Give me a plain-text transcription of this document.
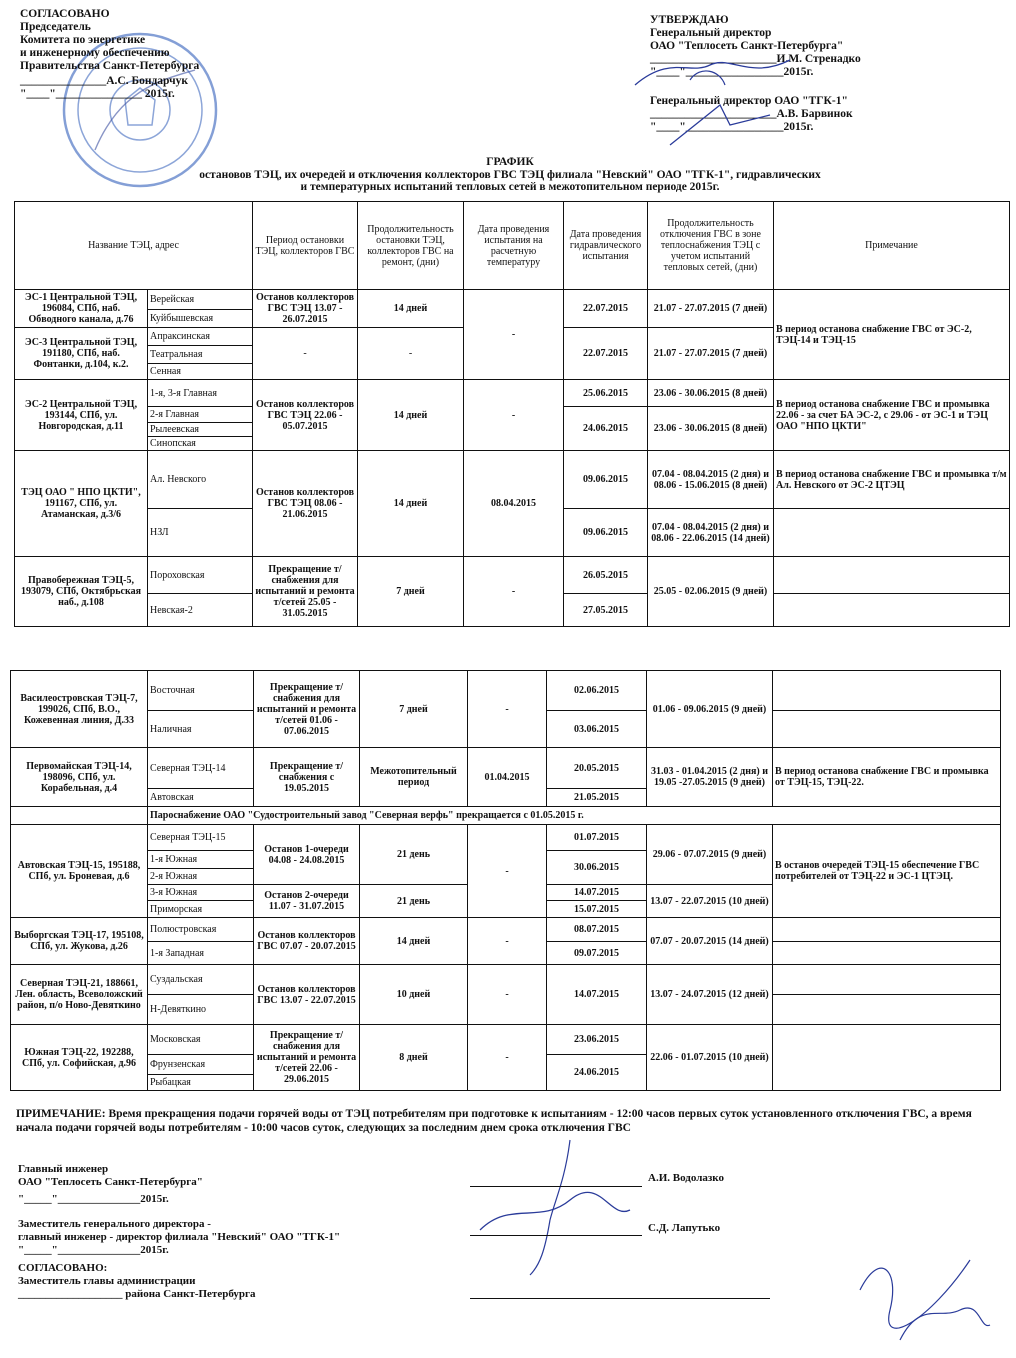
СОГЛАСОВАНО
Председатель
Комитета по энергетике
и инженерному обеспечению
Правительства Санкт-Петербурга
_______________А.С. Бондарчук
"____"_______________ 2015г.
УТВЕРЖДАЮ
Генеральный директор
ОАО "Теплосеть Санкт-Петербурга"
______________________И.М. Стренадко
"____"_________________2015г.
Генеральный директор ОАО "ТГК-1"
______________________А.В. Барвинок
"____"_________________2015г.
ГРАФИК
остановов ТЭЦ, их очередей и отключения коллекторов ГВС ТЭЦ филиала "Невский" ОАО "ТГК-1", гидравлических
и температурных испытаний тепловых сетей в межотопительном периоде 2015г.
Название ТЭЦ, адрес		Период остановки ТЭЦ, коллекторов ГВС	Продолжительность остановки ТЭЦ, коллекторов ГВС на ремонт, (дни)	Дата проведения испытания на расчетную температуру	Дата проведения гидравлического испытания	Продолжительность отключения ГВС в зоне теплоснабжения ТЭЦ с учетом испытаний тепловых сетей, (дни)	Примечание
ЭС-1 Центральной ТЭЦ, 196084, СПб, наб. Обводного канала, д.76	Верейская	Останов коллекторов ГВС ТЭЦ 13.07 - 26.07.2015	14 дней	-	22.07.2015	21.07 - 27.07.2015 (7 дней)	В период останова снабжение ГВС от ЭС-2, ТЭЦ-14 и ТЭЦ-15
	Куйбышевская						
ЭС-3 Центральной ТЭЦ, 191180, СПб, наб. Фонтанки, д.104, к.2.	Апраксинская	-	-		22.07.2015	21.07 - 27.07.2015 (7 дней)	
	Театральная						
	Сенная						
ЭС-2 Центральной ТЭЦ, 193144, СПб, ул. Новгородская, д.11	1-я, 3-я Главная	Останов коллекторов ГВС ТЭЦ 22.06 - 05.07.2015	14 дней	-	25.06.2015	23.06 - 30.06.2015 (8 дней)	В период останова снабжение ГВС и промывка 22.06 - за счет БА ЭС-2, с 29.06 - от ЭС-1 и ТЭЦ ОАО "НПО ЦКТИ"
	2-я Главная				24.06.2015	23.06 - 30.06.2015 (8 дней)	
	Рылеевская						
	Синопская						
ТЭЦ ОАО " НПО ЦКТИ", 191167, СПб, ул. Атаманская, д.3/6	Ал. Невского	Останов коллекторов ГВС ТЭЦ 08.06 - 21.06.2015	14 дней	08.04.2015	09.06.2015	07.04 - 08.04.2015 (2 дня) и 08.06 - 15.06.2015 (8 дней)	В период останова снабжение ГВС и промывка т/м Ал. Невского от ЭС-2 ЦТЭЦ
	НЗЛ				09.06.2015	07.04 - 08.04.2015 (2 дня) и 08.06 - 22.06.2015 (14 дней)	
Правобережная ТЭЦ-5, 193079, СПб, Октябрьская наб., д.108	Пороховская	Прекращение т/снабжения для испытаний и ремонта т/сетей 25.05 - 31.05.2015	7 дней	-	26.05.2015	25.05 - 02.06.2015 (9 дней)	
	Невская-2				27.05.2015		
Василеостровская ТЭЦ-7, 199026, СПб, В.О., Кожевенная линия, Д.33	Восточная	Прекращение т/снабжения для испытаний и ремонта т/сетей 01.06 - 07.06.2015	7 дней	-	02.06.2015	01.06 - 09.06.2015 (9 дней)	
	Наличная				03.06.2015		
Первомайская ТЭЦ-14, 198096, СПб, ул. Корабельная, д.4	Северная ТЭЦ-14	Прекращение т/снабжения с 19.05.2015	Межотопительный период	01.04.2015	20.05.2015	31.03 - 01.04.2015 (2 дня) и 19.05 -27.05.2015 (9 дней)	В период останова снабжение ГВС и промывка от ТЭЦ-15, ТЭЦ-22.
	Автовская				21.05.2015		
	Пароснабжение ОАО "Судостроительный завод "Северная верфь" прекращается с 01.05.2015 г.						
Автовская ТЭЦ-15, 195188, СПб, ул. Броневая, д.6	Северная ТЭЦ-15	Останов 1-очереди 04.08 - 24.08.2015	21 день	-	01.07.2015	29.06 - 07.07.2015 (9 дней)	В останов очередей ТЭЦ-15 обеспечение ГВС потребителей от ТЭЦ-22 и ЭС-1 ЦТЭЦ.
	1-я Южная				30.06.2015		
	2-я Южная						
	3-я Южная	Останов 2-очереди 11.07 - 31.07.2015	21 день		14.07.2015	13.07 - 22.07.2015 (10 дней)	
	Приморская				15.07.2015		
Выборгская ТЭЦ-17, 195108, СПб, ул. Жукова, д.26	Полюстровская	Останов коллекторов ГВС 07.07 - 20.07.2015	14 дней	-	08.07.2015	07.07 - 20.07.2015 (14 дней)	
	1-я Западная				09.07.2015		
Северная ТЭЦ-21, 188661, Лен. область, Всеволожский район, п/о Ново-Девяткино	Суздальская	Останов коллекторов ГВС 13.07 - 22.07.2015	10 дней	-	14.07.2015	13.07 - 24.07.2015 (12 дней)	
	Н-Девяткино						
Южная ТЭЦ-22, 192288, СПб, ул. Софийская, д.96	Московская	Прекращение т/снабжения для испытаний и ремонта т/сетей 22.06 - 29.06.2015	8 дней	-	23.06.2015	22.06 - 01.07.2015 (10 дней)	
	Фрунзенская				24.06.2015		
	Рыбацкая						
ПРИМЕЧАНИЕ: Время прекращения подачи горячей воды от ТЭЦ потребителям при подготовке к испытаниям - 12:00 часов первых суток установленного отключения ГВС, а время начала подачи горячей воды потребителям - 10:00 часов суток, следующих за последним днем срока отключения ГВС
Главный инженер
ОАО "Теплосеть Санкт-Петербурга"
"_____"_______________2015г.
А.И. Водолазко
Заместитель генерального директора -
главный инженер - директор филиала "Невский" ОАО "ТГК-1"
"_____"_______________2015г.
С.Д. Лапутько
СОГЛАСОВАНО:
Заместитель главы администрации
___________________ района Санкт-Петербурга
